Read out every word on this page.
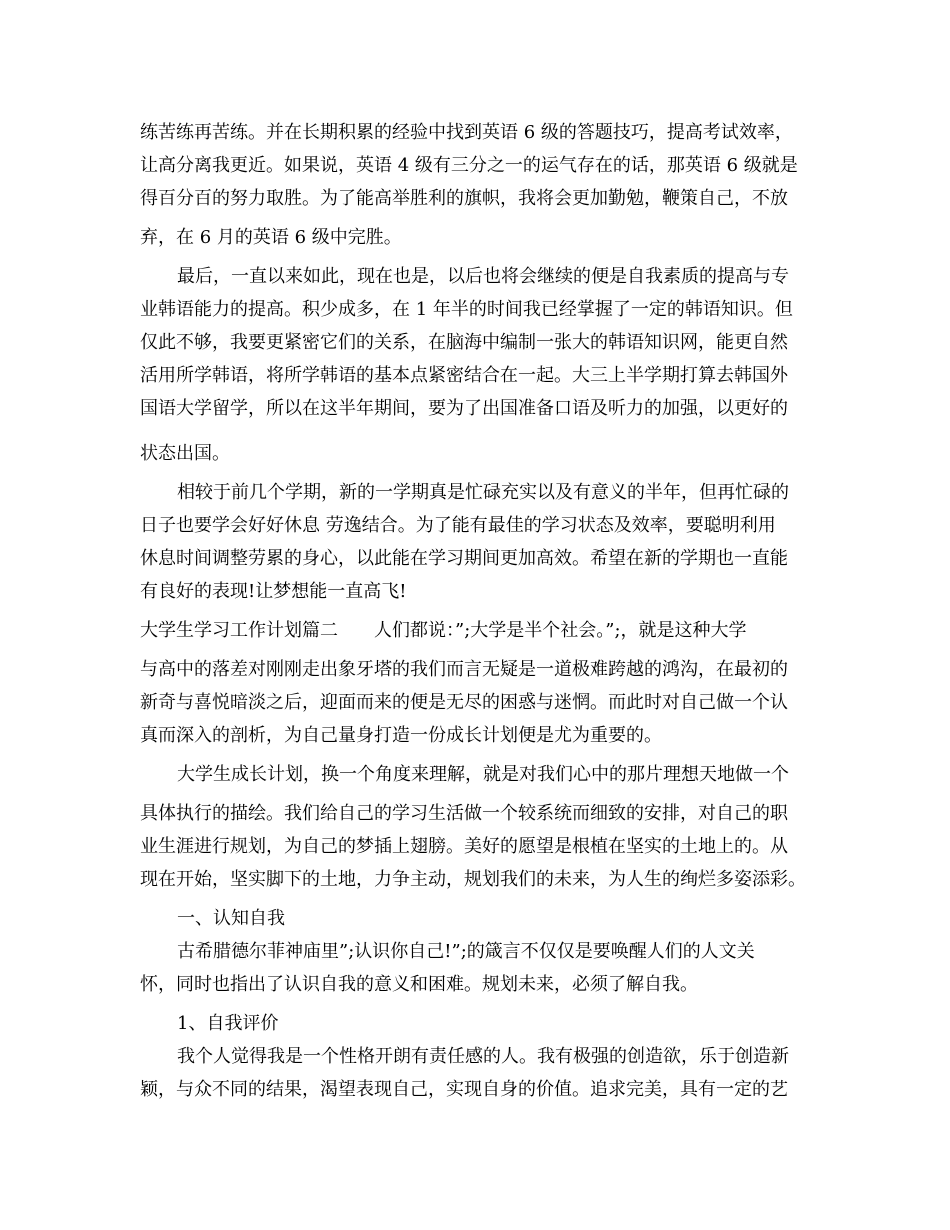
练苦练再苦练。并在长期积累的经验中找到英语 6 级的答题技巧，提高考试效率，

让高分离我更近。如果说，英语 4 级有三分之一的运气存在的话，那英语 6 级就是

得百分百的努力取胜。为了能高举胜利的旗帜，我将会更加勤勉，鞭策自己，不放

弃，在 6 月的英语 6 级中完胜。

最后，一直以来如此，现在也是，以后也将会继续的便是自我素质的提高与专

业韩语能力的提高。积少成多，在 1 年半的时间我已经掌握了一定的韩语知识。但

仅此不够，我要更紧密它们的关系，在脑海中编制一张大的韩语知识网，能更自然

活用所学韩语，将所学韩语的基本点紧密结合在一起。大三上半学期打算去韩国外

国语大学留学，所以在这半年期间，要为了出国准备口语及听力的加强，以更好的

状态出国。

相较于前几个学期，新的一学期真是忙碌充实以及有意义的半年，但再忙碌的

日子也要学会好好休息 劳逸结合。为了能有最佳的学习状态及效率，要聪明利用

休息时间调整劳累的身心，以此能在学习期间更加高效。希望在新的学期也一直能

有良好的表现!让梦想能一直高飞!

大学生学习工作计划篇二　　人们都说：”;大学是半个社会。”;，就是这种大学

与高中的落差对刚刚走出象牙塔的我们而言无疑是一道极难跨越的鸿沟，在最初的

新奇与喜悦暗淡之后，迎面而来的便是无尽的困惑与迷惘。而此时对自己做一个认

真而深入的剖析，为自己量身打造一份成长计划便是尤为重要的。

大学生成长计划，换一个角度来理解，就是对我们心中的那片理想天地做一个

具体执行的描绘。我们给自己的学习生活做一个较系统而细致的安排，对自己的职

业生涯进行规划，为自己的梦插上翅膀。美好的愿望是根植在坚实的土地上的。从

现在开始，坚实脚下的土地，力争主动，规划我们的未来，为人生的绚烂多姿添彩。

一、认知自我

古希腊德尔菲神庙里”;认识你自己!”;的箴言不仅仅是要唤醒人们的人文关

怀，同时也指出了认识自我的意义和困难。规划未来，必须了解自我。

1、自我评价

我个人觉得我是一个性格开朗有责任感的人。我有极强的创造欲，乐于创造新

颖，与众不同的结果，渴望表现自己，实现自身的价值。追求完美，具有一定的艺
